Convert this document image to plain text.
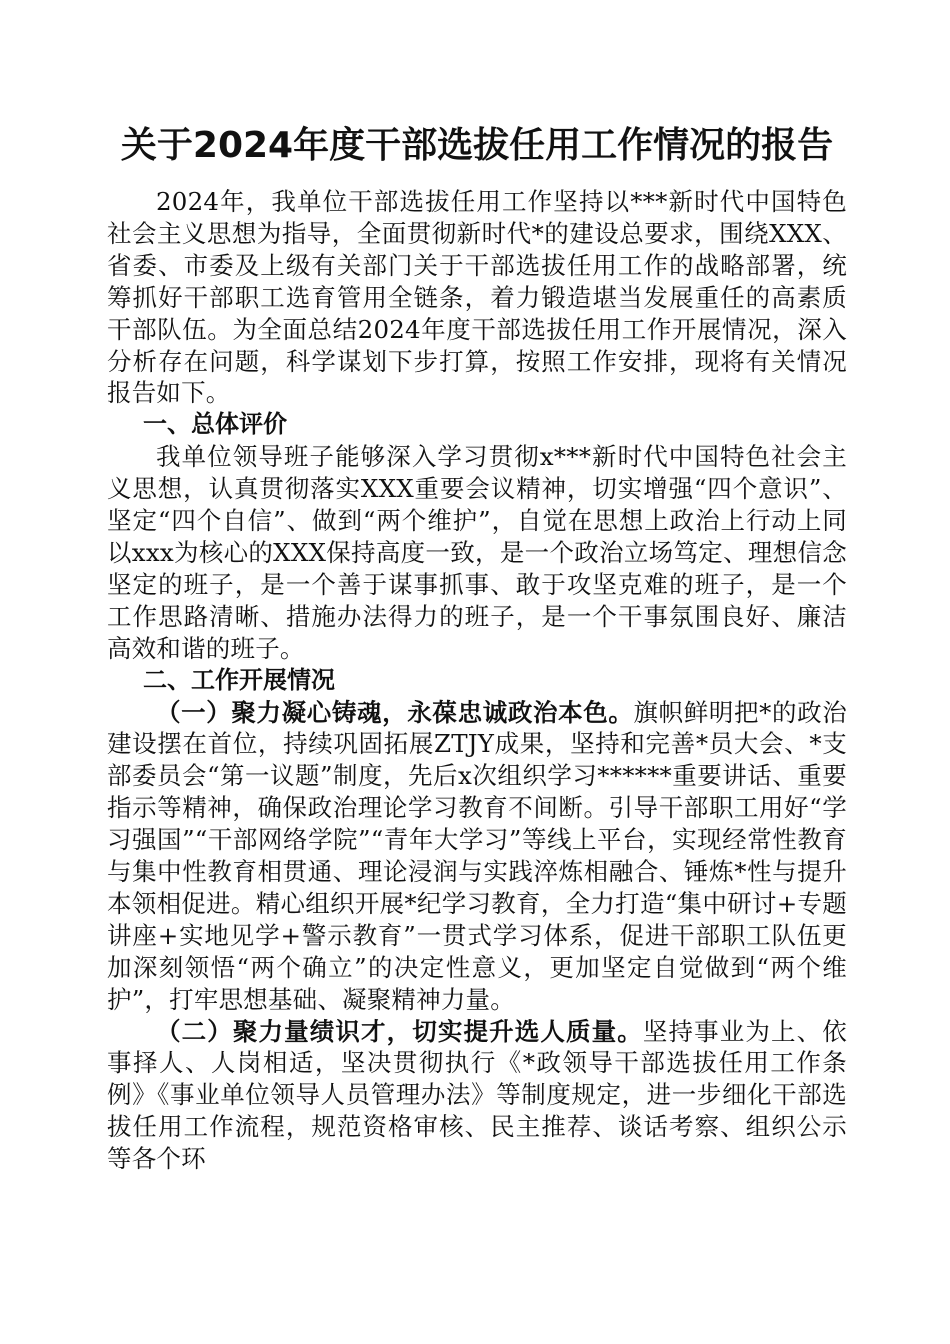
关于2024年度干部选拔任用工作情况的报告

2024年，我单位干部选拔任用工作坚持以***新时代中国特色社会主义思想为指导，全面贯彻新时代*的建设总要求，围绕XXX、省委、市委及上级有关部门关于干部选拔任用工作的战略部署，统筹抓好干部职工选育管用全链条，着力锻造堪当发展重任的高素质干部队伍。为全面总结2024年度干部选拔任用工作开展情况，深入分析存在问题，科学谋划下步打算，按照工作安排，现将有关情况报告如下。

一、总体评价

我单位领导班子能够深入学习贯彻x***新时代中国特色社会主义思想，认真贯彻落实XXX重要会议精神，切实增强“四个意识”、坚定“四个自信”、做到“两个维护”，自觉在思想上政治上行动上同以xxx为核心的XXX保持高度一致，是一个政治立场笃定、理想信念坚定的班子，是一个善于谋事抓事、敢于攻坚克难的班子，是一个工作思路清晰、措施办法得力的班子，是一个干事氛围良好、廉洁高效和谐的班子。

二、工作开展情况

（一）聚力凝心铸魂，永葆忠诚政治本色。旗帜鲜明把*的政治建设摆在首位，持续巩固拓展ZTJY成果，坚持和完善*员大会、*支部委员会“第一议题”制度，先后x次组织学习******重要讲话、重要指示等精神，确保政治理论学习教育不间断。引导干部职工用好“学习强国”“干部网络学院”“青年大学习”等线上平台，实现经常性教育与集中性教育相贯通、理论浸润与实践淬炼相融合、锤炼*性与提升本领相促进。精心组织开展*纪学习教育，全力打造“集中研讨+专题讲座+实地见学+警示教育”一贯式学习体系，促进干部职工队伍更加深刻领悟“两个确立”的决定性意义，更加坚定自觉做到“两个维护”，打牢思想基础、凝聚精神力量。

（二）聚力量绩识才，切实提升选人质量。坚持事业为上、依事择人、人岗相适，坚决贯彻执行《*政领导干部选拔任用工作条例》《事业单位领导人员管理办法》等制度规定，进一步细化干部选拔任用工作流程，规范资格审核、民主推荐、谈话考察、组织公示等各个环
